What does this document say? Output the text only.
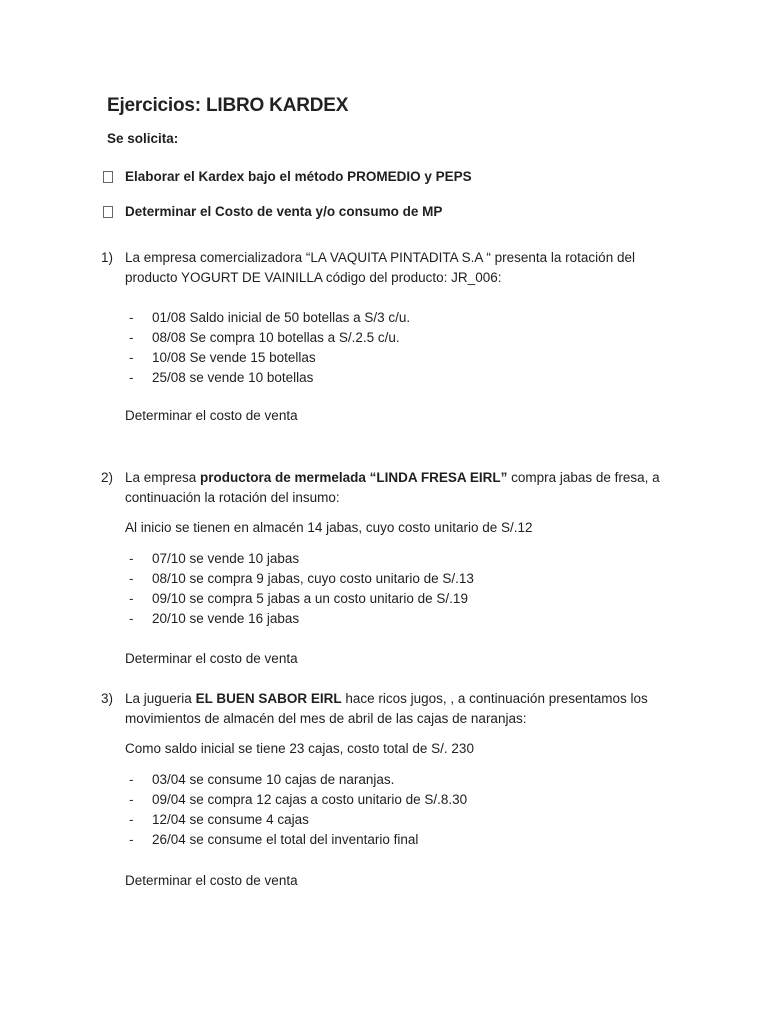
Ejercicios: LIBRO KARDEX
Se solicita:
Elaborar el Kardex bajo el método PROMEDIO y PEPS
Determinar el Costo de venta y/o consumo de MP
1) La empresa comercializadora “LA VAQUITA PINTADITA S.A “ presenta la rotación del
producto YOGURT DE VAINILLA código del producto: JR_006:
- 01/08 Saldo inicial de 50 botellas a S/3 c/u.
- 08/08 Se compra 10 botellas a S/.2.5 c/u.
- 10/08 Se vende 15 botellas
- 25/08 se vende 10 botellas
Determinar el costo de venta
2) La empresa productora de mermelada “LINDA FRESA EIRL” compra jabas de fresa, a
continuación la rotación del insumo:
Al inicio se tienen en almacén 14 jabas, cuyo costo unitario de S/.12
- 07/10 se vende 10 jabas
- 08/10 se compra 9 jabas, cuyo costo unitario de S/.13
- 09/10 se compra 5 jabas a un costo unitario de S/.19
- 20/10 se vende 16 jabas
Determinar el costo de venta
3) La jugueria EL BUEN SABOR EIRL hace ricos jugos, , a continuación presentamos los
movimientos de almacén del mes de abril de las cajas de naranjas:
Como saldo inicial se tiene 23 cajas, costo total de S/. 230
- 03/04 se consume 10 cajas de naranjas.
- 09/04 se compra 12 cajas a costo unitario de S/.8.30
- 12/04 se consume 4 cajas
- 26/04 se consume el total del inventario final
Determinar el costo de venta
